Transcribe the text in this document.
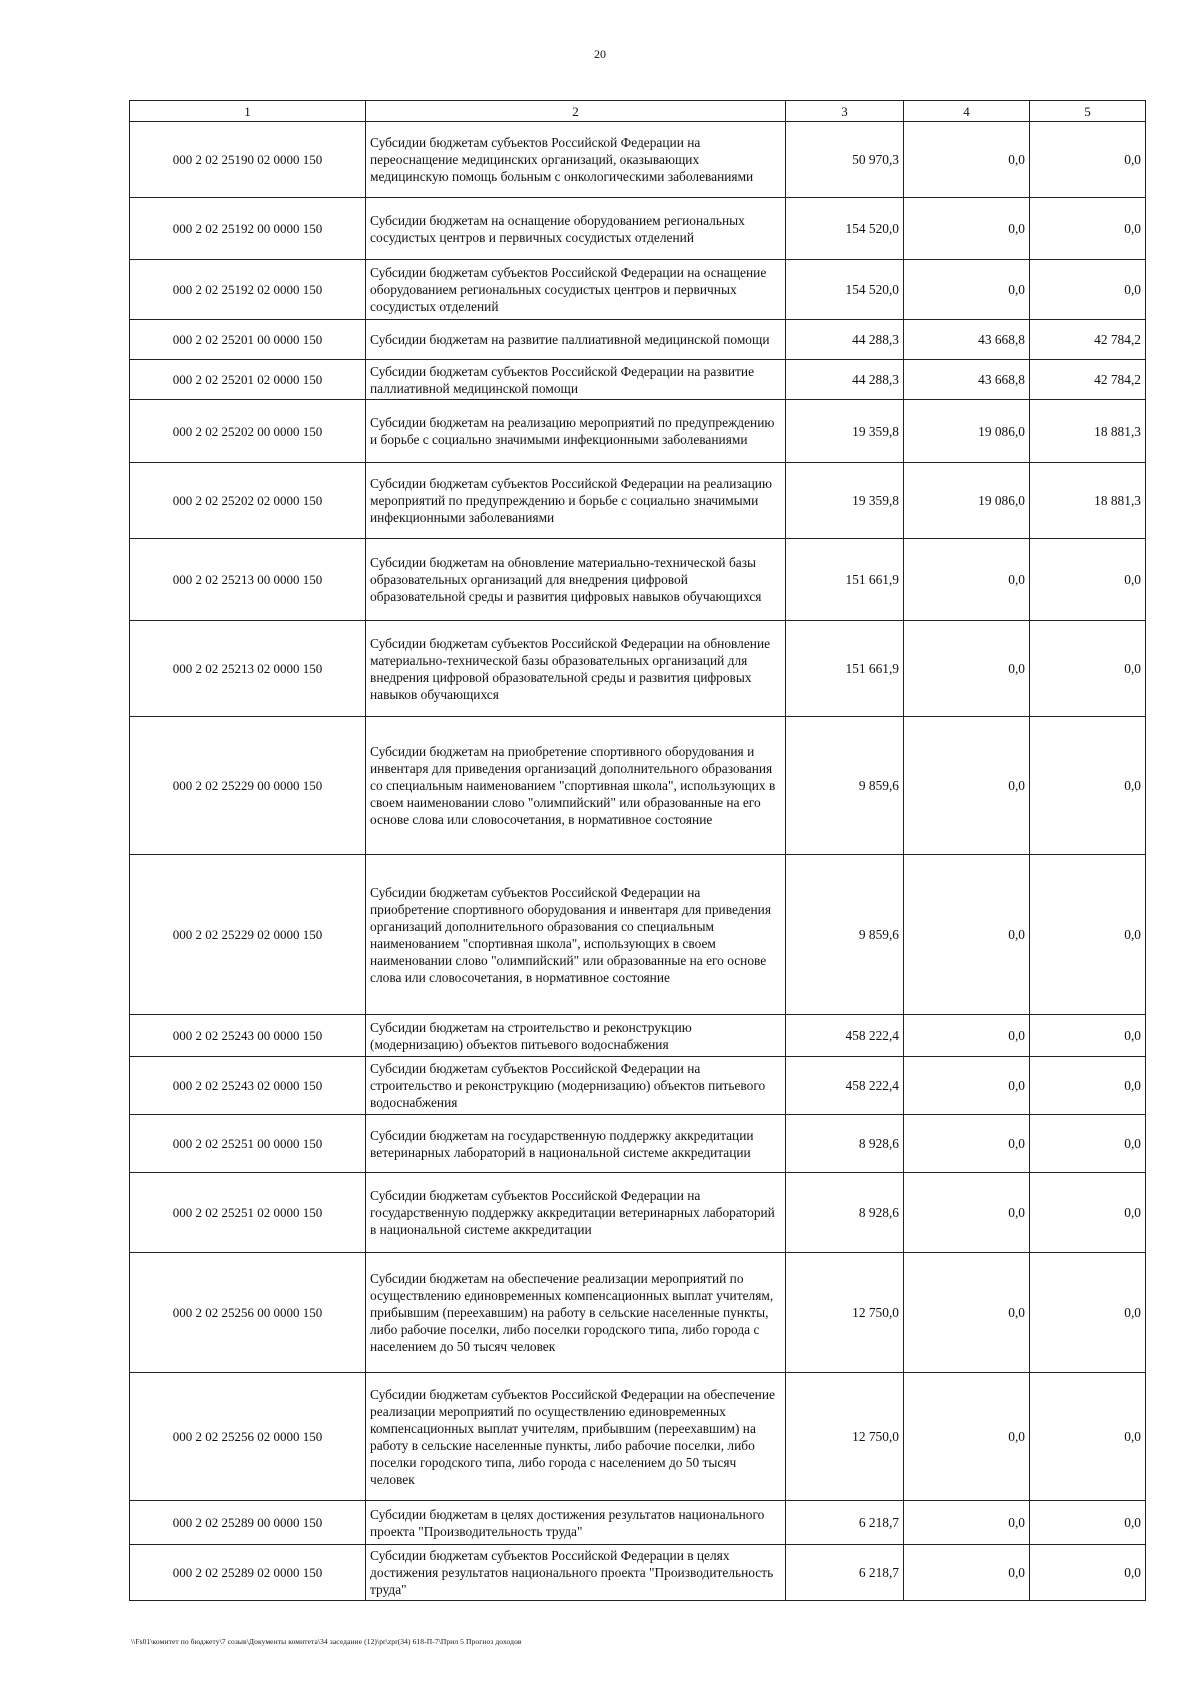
20
1	2	3	4	5
000 2 02 25190 02 0000 150	Субсидии бюджетам субъектов Российской Федерации на переоснащение медицинских организаций, оказывающих медицинскую помощь больным с онкологическими заболеваниями	50 970,3	0,0	0,0
000 2 02 25192 00 0000 150	Субсидии бюджетам на оснащение оборудованием региональных сосудистых центров и первичных сосудистых отделений	154 520,0	0,0	0,0
000 2 02 25192 02 0000 150	Субсидии бюджетам субъектов Российской Федерации на оснащение оборудованием региональных сосудистых центров и первичных сосудистых отделений	154 520,0	0,0	0,0
000 2 02 25201 00 0000 150	Субсидии бюджетам на развитие паллиативной медицинской помощи	44 288,3	43 668,8	42 784,2
000 2 02 25201 02 0000 150	Субсидии бюджетам субъектов Российской Федерации на развитие паллиативной медицинской помощи	44 288,3	43 668,8	42 784,2
000 2 02 25202 00 0000 150	Субсидии бюджетам на реализацию мероприятий по предупреждению и борьбе с социально значимыми инфекционными заболеваниями	19 359,8	19 086,0	18 881,3
000 2 02 25202 02 0000 150	Субсидии бюджетам субъектов Российской Федерации на реализацию мероприятий по предупреждению и борьбе с социально значимыми инфекционными заболеваниями	19 359,8	19 086,0	18 881,3
000 2 02 25213 00 0000 150	Субсидии бюджетам на обновление материально-технической базы образовательных организаций для внедрения цифровой образовательной среды и развития цифровых навыков обучающихся	151 661,9	0,0	0,0
000 2 02 25213 02 0000 150	Субсидии бюджетам субъектов Российской Федерации на обновление материально-технической базы образовательных организаций для внедрения цифровой образовательной среды и развития цифровых навыков обучающихся	151 661,9	0,0	0,0
000 2 02 25229 00 0000 150	Субсидии бюджетам на приобретение спортивного оборудования и инвентаря для приведения организаций дополнительного образования со специальным наименованием "спортивная школа", использующих в своем наименовании слово "олимпийский" или образованные на его основе слова или словосочетания, в нормативное состояние	9 859,6	0,0	0,0
000 2 02 25229 02 0000 150	Субсидии бюджетам субъектов Российской Федерации на приобретение спортивного оборудования и инвентаря для приведения организаций дополнительного образования со специальным наименованием "спортивная школа", использующих в своем наименовании слово "олимпийский" или образованные на его основе слова или словосочетания, в нормативное состояние	9 859,6	0,0	0,0
000 2 02 25243 00 0000 150	Субсидии бюджетам на строительство и реконструкцию (модернизацию) объектов питьевого водоснабжения	458 222,4	0,0	0,0
000 2 02 25243 02 0000 150	Субсидии бюджетам субъектов Российской Федерации на строительство и реконструкцию (модернизацию) объектов питьевого водоснабжения	458 222,4	0,0	0,0
000 2 02 25251 00 0000 150	Субсидии бюджетам на государственную поддержку аккредитации ветеринарных лабораторий в национальной системе аккредитации	8 928,6	0,0	0,0
000 2 02 25251 02 0000 150	Субсидии бюджетам субъектов Российской Федерации на государственную поддержку аккредитации ветеринарных лабораторий в национальной системе аккредитации	8 928,6	0,0	0,0
000 2 02 25256 00 0000 150	Субсидии бюджетам на обеспечение реализации мероприятий по осуществлению единовременных компенсационных выплат учителям, прибывшим (переехавшим) на работу в сельские населенные пункты, либо рабочие поселки, либо поселки городского типа, либо города с населением до 50 тысяч человек	12 750,0	0,0	0,0
000 2 02 25256 02 0000 150	Субсидии бюджетам субъектов Российской Федерации на обеспечение реализации мероприятий по осуществлению единовременных компенсационных выплат учителям, прибывшим (переехавшим) на работу в сельские населенные пункты, либо рабочие поселки, либо поселки городского типа, либо города с населением до 50 тысяч человек	12 750,0	0,0	0,0
000 2 02 25289 00 0000 150	Субсидии бюджетам в целях достижения результатов национального проекта "Производительность труда"	6 218,7	0,0	0,0
000 2 02 25289 02 0000 150	Субсидии бюджетам субъектов Российской Федерации в целях достижения результатов национального проекта "Производительность труда"	6 218,7	0,0	0,0
\\Fs01\комитет по бюджету\7 созыв\Документы комитета\34 заседание (12)\pr\zpr(34) 618-П-7\Прил 5 Прогноз доходов
